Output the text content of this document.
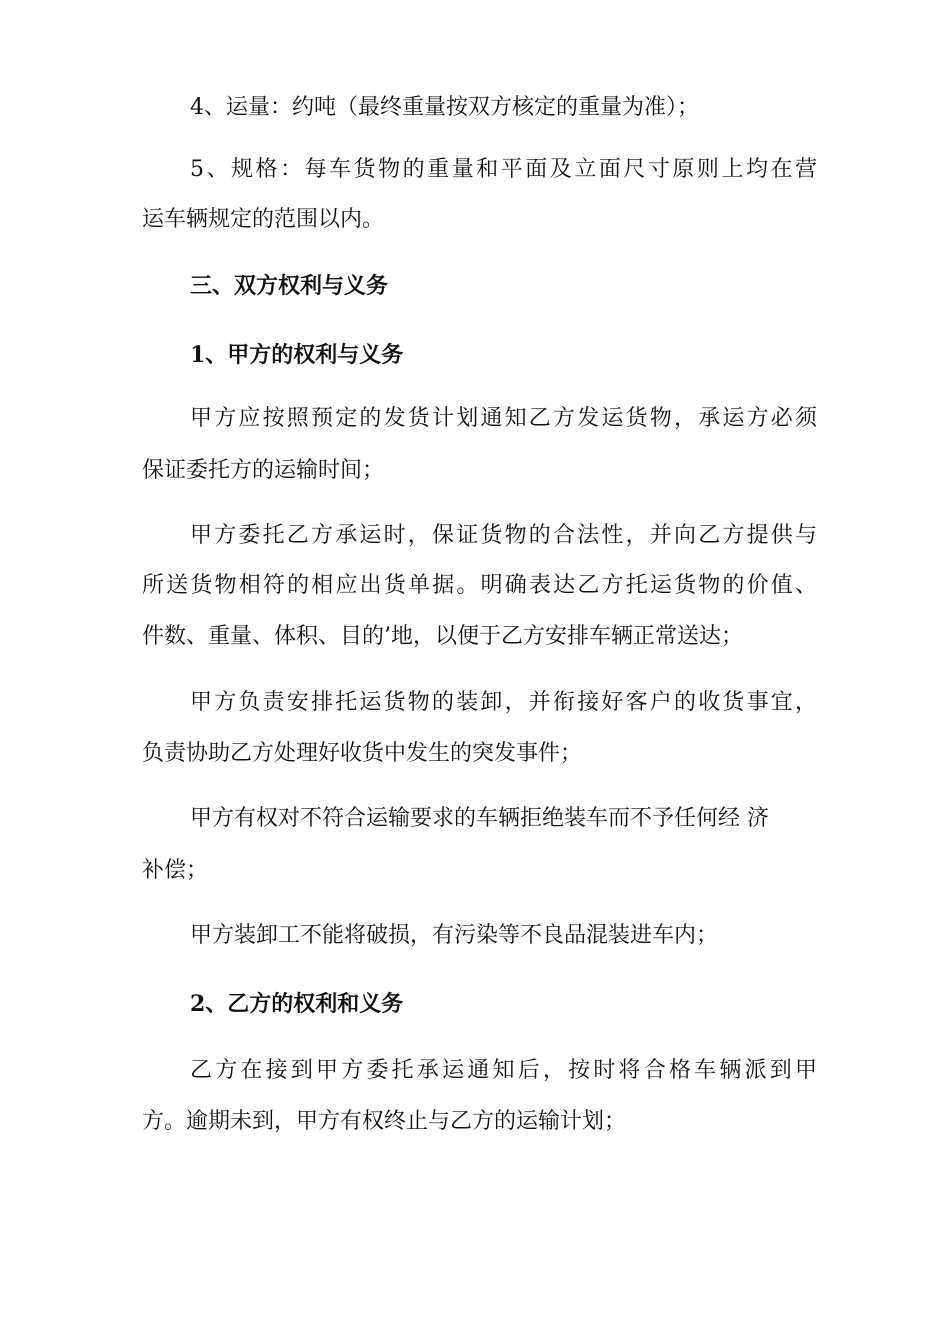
4、运量：约吨（最终重量按双方核定的重量为准）；
5、规格：每车货物的重量和平面及立面尺寸原则上均在营
运车辆规定的范围以内。
三、双方权利与义务
1、甲方的权利与义务
甲方应按照预定的发货计划通知乙方发运货物，承运方必须
保证委托方的运输时间；
甲方委托乙方承运时，保证货物的合法性，并向乙方提供与
所送货物相符的相应出货单据。明确表达乙方托运货物的价值、
件数、重量、体积、目的’地，以便于乙方安排车辆正常送达；
甲方负责安排托运货物的装卸，并衔接好客户的收货事宜，
负责协助乙方处理好收货中发生的突发事件；
甲方有权对不符合运输要求的车辆拒绝装车而不予任何经 济
补偿；
甲方装卸工不能将破损，有污染等不良品混装进车内；
2、乙方的权利和义务
乙方在接到甲方委托承运通知后，按时将合格车辆派到甲
方。逾期未到，甲方有权终止与乙方的运输计划；
